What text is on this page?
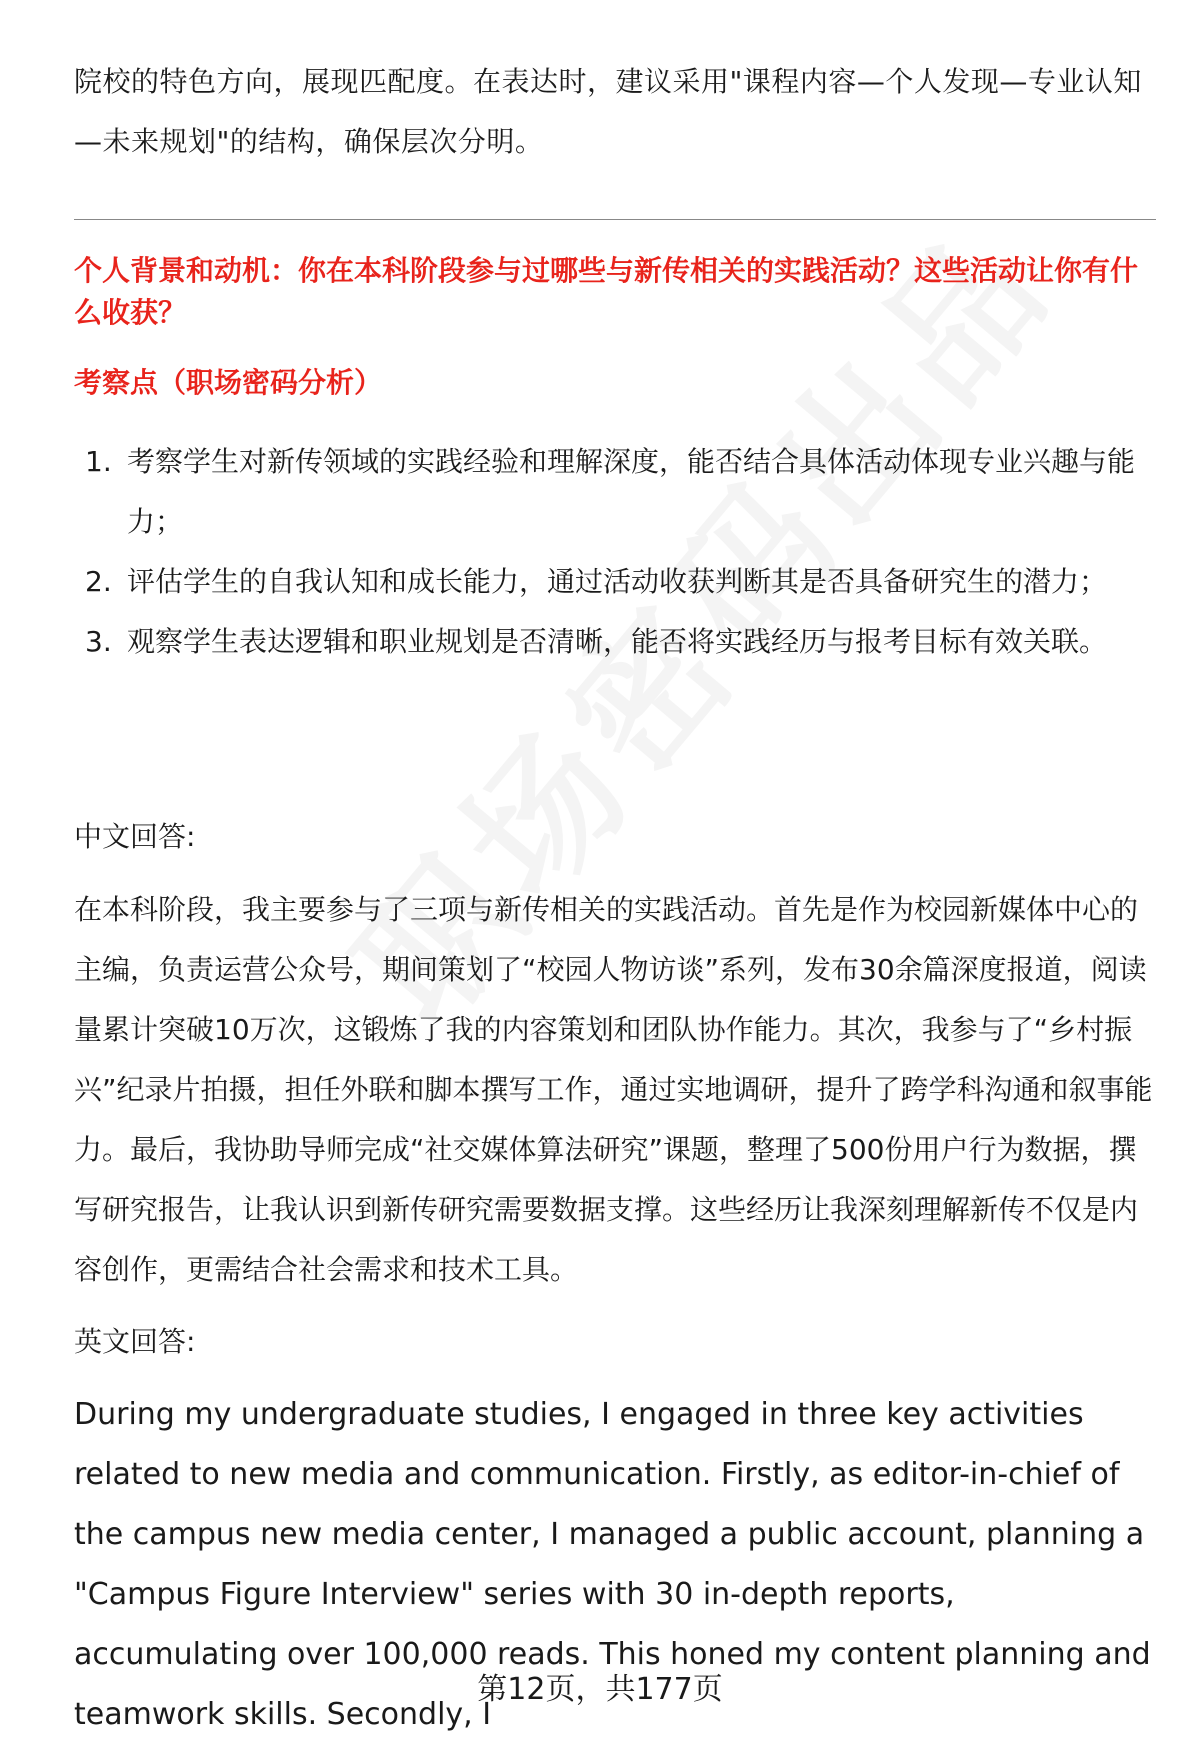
院校的特色方向，展现匹配度。在表达时，建议采用"课程内容—个人发现—专业认知—未来规划"的结构，确保层次分明。
个人背景和动机：你在本科阶段参与过哪些与新传相关的实践活动？这些活动让你有什么收获？
考察点（职场密码分析）
1. 考察学生对新传领域的实践经验和理解深度，能否结合具体活动体现专业兴趣与能力；
2. 评估学生的自我认知和成长能力，通过活动收获判断其是否具备研究生的潜力；
3. 观察学生表达逻辑和职业规划是否清晰，能否将实践经历与报考目标有效关联。
中文回答:
在本科阶段，我主要参与了三项与新传相关的实践活动。首先是作为校园新媒体中心的主编，负责运营公众号，期间策划了“校园人物访谈”系列，发布30余篇深度报道，阅读量累计突破10万次，这锻炼了我的内容策划和团队协作能力。其次，我参与了“乡村振兴”纪录片拍摄，担任外联和脚本撰写工作，通过实地调研，提升了跨学科沟通和叙事能力。最后，我协助导师完成“社交媒体算法研究”课题，整理了500份用户行为数据，撰写研究报告，让我认识到新传研究需要数据支撑。这些经历让我深刻理解新传不仅是内容创作，更需结合社会需求和技术工具。
英文回答:
During my undergraduate studies, I engaged in three key activities related to new media and communication. Firstly, as editor-in-chief of the campus new media center, I managed a public account, planning a "Campus Figure Interview" series with 30 in-depth reports, accumulating over 100,000 reads. This honed my content planning and teamwork skills. Secondly, I
第12页，共177页
